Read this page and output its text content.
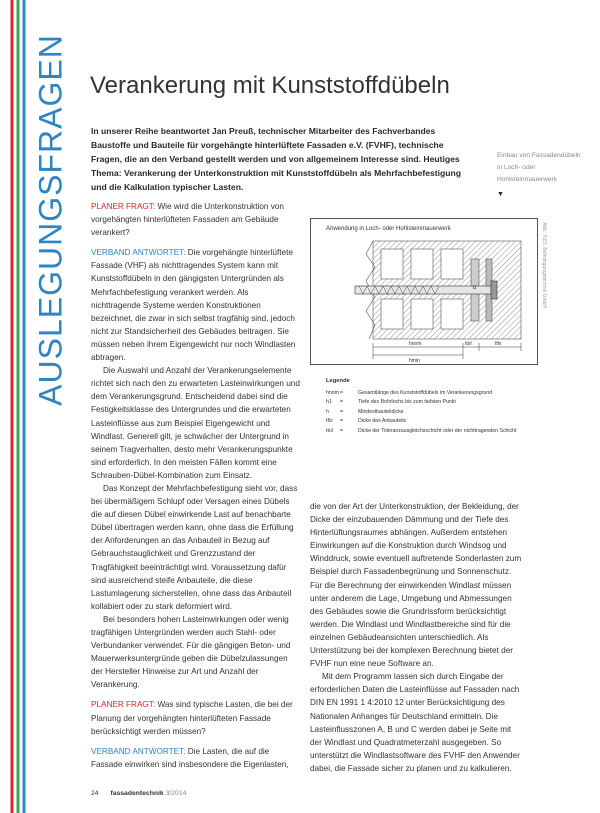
AUSLEGUNGSFRAGEN Verankerung mit Kunststoffdübeln
In unserer Reihe beantwortet Jan Preuß, technischer Mitarbeiter des Fachverbandes Baustoffe und Bauteile für vorgehängte hinterlüftete Fassaden e.V. (FVHF), technische Fragen, die an den Verband gestellt werden und von allgemeinem Interesse sind. Heutiges Thema: Verankerung der Unterkonstruktion mit Kunststoffdübeln als Mehrfachbefestigung und die Kalkulation typischer Lasten.
Einbau von Fassadendübeln in Loch- oder Hohlsteinmauerwerk
▼

PLANER FRAGT: Wie wird die Unterkonstruktion von vorgehängten hinterlüfteten Fassaden am Gebäude verankert?

VERBAND ANTWORTET: Die vorgehängte hinterlüftete Fassade (VHF) als nichttragendes System kann mit Kunststoffdübeln in den gängigsten Untergründen als Mehrfachbefestigung verankert werden. Als nichttragende Systeme werden Konstruktionen bezeichnet, die zwar in sich selbst tragfähig sind, jedoch nicht zur Standsicherheit des Gebäudes beitragen. Sie müssen neben ihrem Eigengewicht nur noch Windlasten abtragen.

Die Auswahl und Anzahl der Verankerungselemente richtet sich nach den zu erwarteten Lasteinwirkungen und dem Verankerungsgrund. Entscheidend dabei sind die Festigkeitsklasse des Untergrundes und die erwarteten Lasteinflüsse aus zum Beispiel Eigengewicht und Windlast. Generell gilt, je schwächer der Untergrund in seinem Tragverhalten, desto mehr Verankerungspunkte sind erforderlich. In den meisten Fällen kommt eine Schrauben-Dübel-Kombination zum Einsatz.

Das Konzept der Mehrfachbefestigung sieht vor, dass bei übermäßigem Schlupf oder Versagen eines Dübels die auf diesen Dübel einwirkende Last auf benachbarte Dübel übertragen werden kann, ohne dass die Erfüllung der Anforderungen an das Anbauteil in Bezug auf Gebrauchstauglichkeit und Grenzzustand der Tragfähigkeit beeinträchtigt wird. Voraussetzung dafür sind ausreichend steife Anbauteile, die diese Lastumlagerung sicherstellen, ohne dass das Anbauteil kollabiert oder zu stark deformiert wird.

Bei besonders hohen Lasteinwirkungen oder wenig tragfähigen Untergründen werden auch Stahl- oder Verbundanker verwendet. Für die gängigen Beton- und Mauerwerksuntergründe geben die Dübelzulassungen der Hersteller Hinweise zur Art und Anzahl der Verankerung.

PLANER FRAGT: Was sind typische Lasten, die bei der Planung der vorgehängten hinterlüfteten Fassade berücksichtigt werden müssen?

VERBAND ANTWORTET: Die Lasten, die auf die Fassade einwirken sind insbesondere die Eigenlasten,

hnom
hmin
ttol	tfix
α
Anwendung in Loch- oder Hohlsteinmauerwerk	Abb.: FZS, Befestigungstechnik GmbH
Legende
hnom =	Gesamtlänge des Kunststoffdübels im Verankerungsgrund
h1	=	Tiefe des Bohrlochs bis zum tiefsten Punkt
h	=	Mindestbauteildicke
tfix	=	Dicke des Anbauteils
ttol	=	Dicke der Toleranzausgleichsschicht oder der nichttragenden Schicht

die von der Art der Unterkonstruktion, der Bekleidung, der Dicke der einzubauenden Dämmung und der Tiefe des Hinterlüftungsraumes abhängen. Außerdem entstehen Einwirkungen auf die Konstruktion durch Windsog und Winddruck, sowie eventuell auftretende Sonderlasten zum Beispiel durch Fassadenbegrünung und Sonnenschutz. Für die Berechnung der einwirkenden Windlast müssen unter anderem die Lage, Umgebung und Abmessungen des Gebäudes sowie die Grundrissform berücksichtigt werden. Die Windlast und Windlastbereiche sind für die einzelnen Gebäudeansichten unterschiedlich. Als Unterstützung bei der komplexen Berechnung bietet der FVHF nun eine neue Software an.

Mit dem Programm lassen sich durch Eingabe der erforderlichen Daten die Lasteinflüsse auf Fassaden nach DIN EN 1991 1 4:2010 12 unter Berücksichtigung des Nationalen Anhanges für Deutschland ermitteln. Die Lasteinflusszonen A, B und C werden dabei je Seite mit der Windlast und Quadratmeterzahl ausgegeben. So unterstützt die Windlastsoftware des FVHF den Anwender dabei, die Fassade sicher zu planen und zu kalkulieren.

24 fassadentechnik 3/2014
